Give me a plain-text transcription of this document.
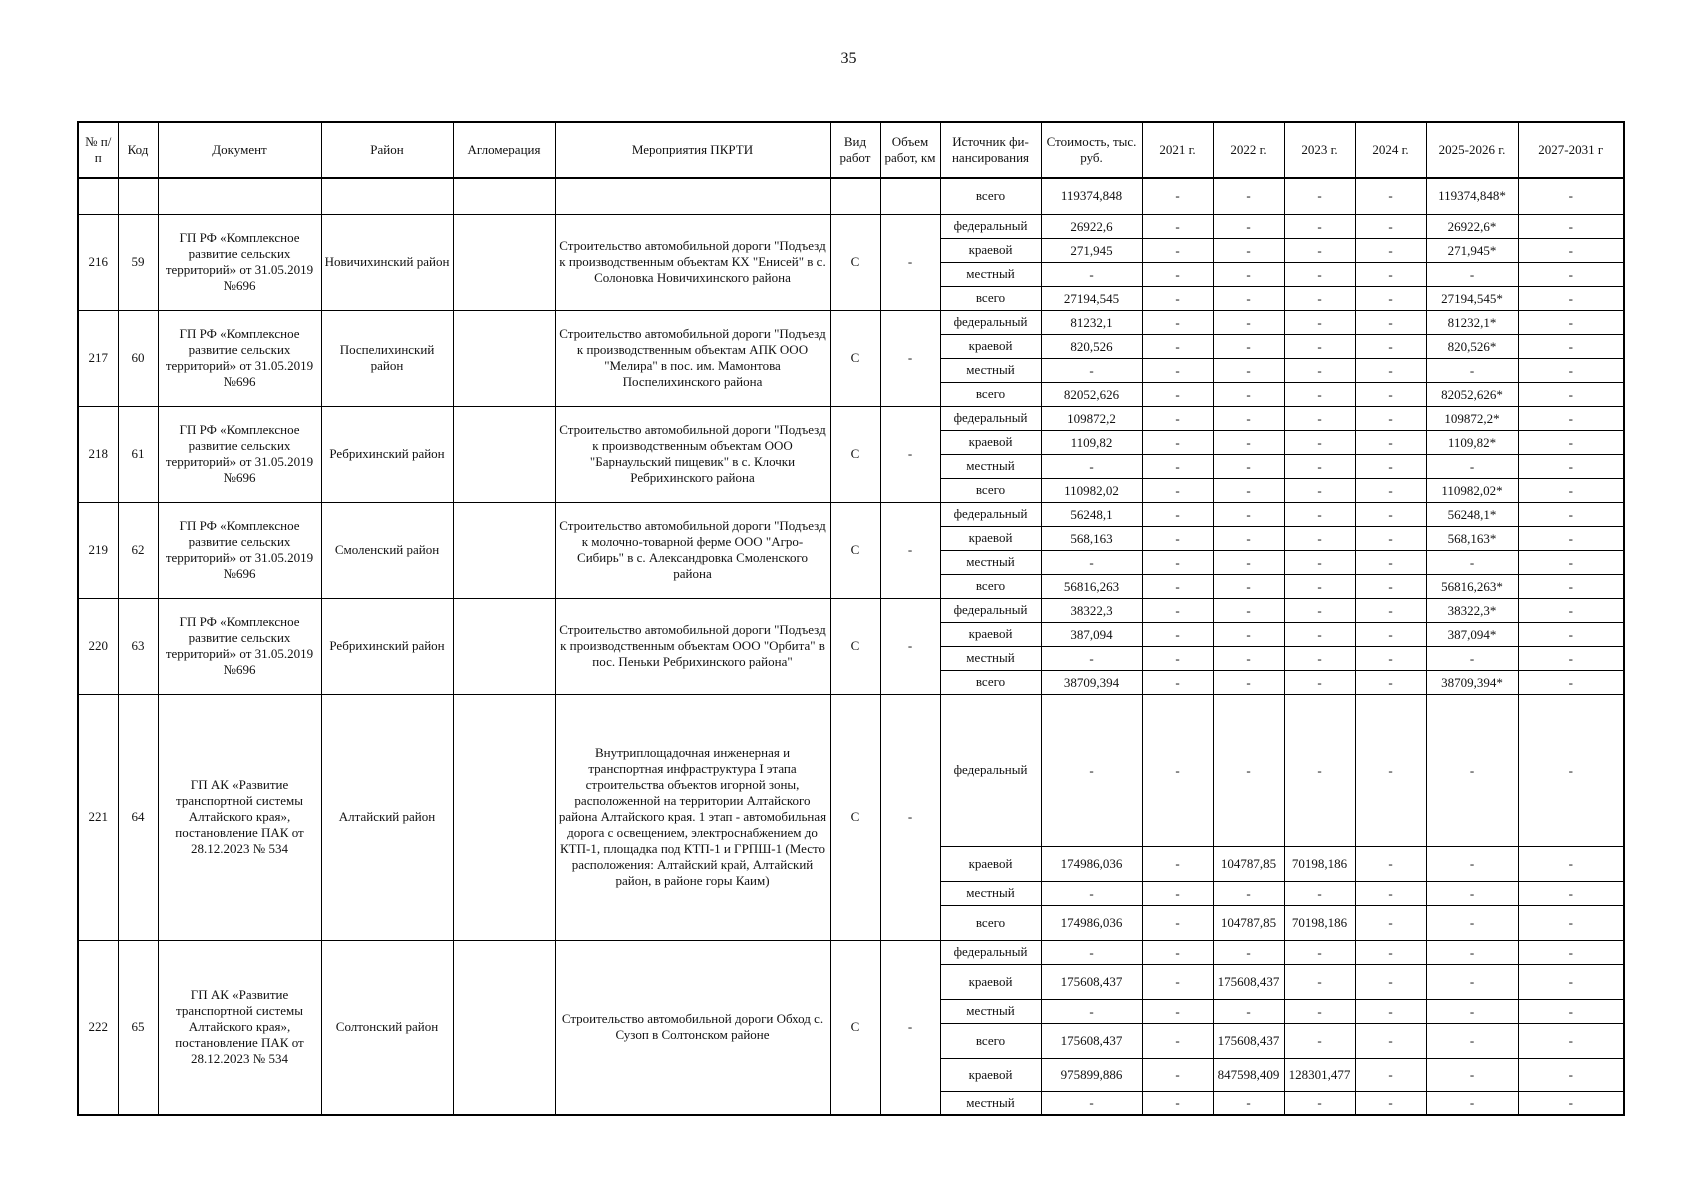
35
№ п/п	Код	Документ	Район	Агломерация	Мероприятия ПКРТИ	Вид работ	Объем работ, км	Источник фи-нансирования	Стоимость, тыс. руб.	2021 г.	2022 г.	2023 г.	2024 г.	2025-2026 г.	2027-2031 г
								всего	119374,848	-	-	-	-	119374,848*	-
216	59	ГП РФ «Комплексное развитие сельских территорий» от 31.05.2019 №696	Новичихинский район		Строительство автомобильной дороги "Подъезд к производственным объектам КХ "Енисей" в с. Солоновка Новичихинского района	С	-	федеральный	26922,6	-	-	-	-	26922,6*	-
								краевой	271,945	-	-	-	-	271,945*	-
								местный	-	-	-	-	-	-	-
								всего	27194,545	-	-	-	-	27194,545*	-
217	60	ГП РФ «Комплексное развитие сельских территорий» от 31.05.2019 №696	Поспелихинский район		Строительство автомобильной дороги "Подъезд к производственным объектам АПК ООО "Мелира" в пос. им. Мамонтова Поспелихинского района	С	-	федеральный	81232,1	-	-	-	-	81232,1*	-
								краевой	820,526	-	-	-	-	820,526*	-
								местный	-	-	-	-	-	-	-
								всего	82052,626	-	-	-	-	82052,626*	-
218	61	ГП РФ «Комплексное развитие сельских территорий» от 31.05.2019 №696	Ребрихинский район		Строительство автомобильной дороги "Подъезд к производственным объектам ООО "Барнаульский пищевик" в с. Клочки Ребрихинского района	С	-	федеральный	109872,2	-	-	-	-	109872,2*	-
								краевой	1109,82	-	-	-	-	1109,82*	-
								местный	-	-	-	-	-	-	-
								всего	110982,02	-	-	-	-	110982,02*	-
219	62	ГП РФ «Комплексное развитие сельских территорий» от 31.05.2019 №696	Смоленский район		Строительство автомобильной дороги "Подъезд к молочно-товарной ферме ООО "Агро-Сибирь" в с. Александровка Смоленского района	С	-	федеральный	56248,1	-	-	-	-	56248,1*	-
								краевой	568,163	-	-	-	-	568,163*	-
								местный	-	-	-	-	-	-	-
								всего	56816,263	-	-	-	-	56816,263*	-
220	63	ГП РФ «Комплексное развитие сельских территорий» от 31.05.2019 №696	Ребрихинский район		Строительство автомобильной дороги "Подъезд к производственным объектам ООО "Орбита" в пос. Пеньки Ребрихинского района"	С	-	федеральный	38322,3	-	-	-	-	38322,3*	-
								краевой	387,094	-	-	-	-	387,094*	-
								местный	-	-	-	-	-	-	-
								всего	38709,394	-	-	-	-	38709,394*	-
221	64	ГП АК «Развитие транспортной системы Алтайского края», постановление ПАК от 28.12.2023 № 534	Алтайский район		Внутриплощадочная инженерная и транспортная инфраструктура I этапа строительства объектов игорной зоны, расположенной на территории Алтайского района Алтайского края. 1 этап - автомобильная дорога с освещением, электроснабжением до КТП-1, площадка под КТП-1 и ГРПШ-1 (Место расположения: Алтайский край, Алтайский район, в районе горы Каим)	С	-	федеральный	-	-	-	-	-	-	-
								краевой	174986,036	-	104787,85	70198,186	-	-	-
								местный	-	-	-	-	-	-	-
								всего	174986,036	-	104787,85	70198,186	-	-	-
222	65	ГП АК «Развитие транспортной системы Алтайского края», постановление ПАК от 28.12.2023 № 534	Солтонский район		Строительство автомобильной дороги Обход с. Сузоп в Солтонском районе	С	-	федеральный	-	-	-	-	-	-	-
								краевой	175608,437	-	175608,437	-	-	-	-
								местный	-	-	-	-	-	-	-
								всего	175608,437	-	175608,437	-	-	-	-
								краевой	975899,886	-	847598,409	128301,477	-	-	-
								местный	-	-	-	-	-	-	-
